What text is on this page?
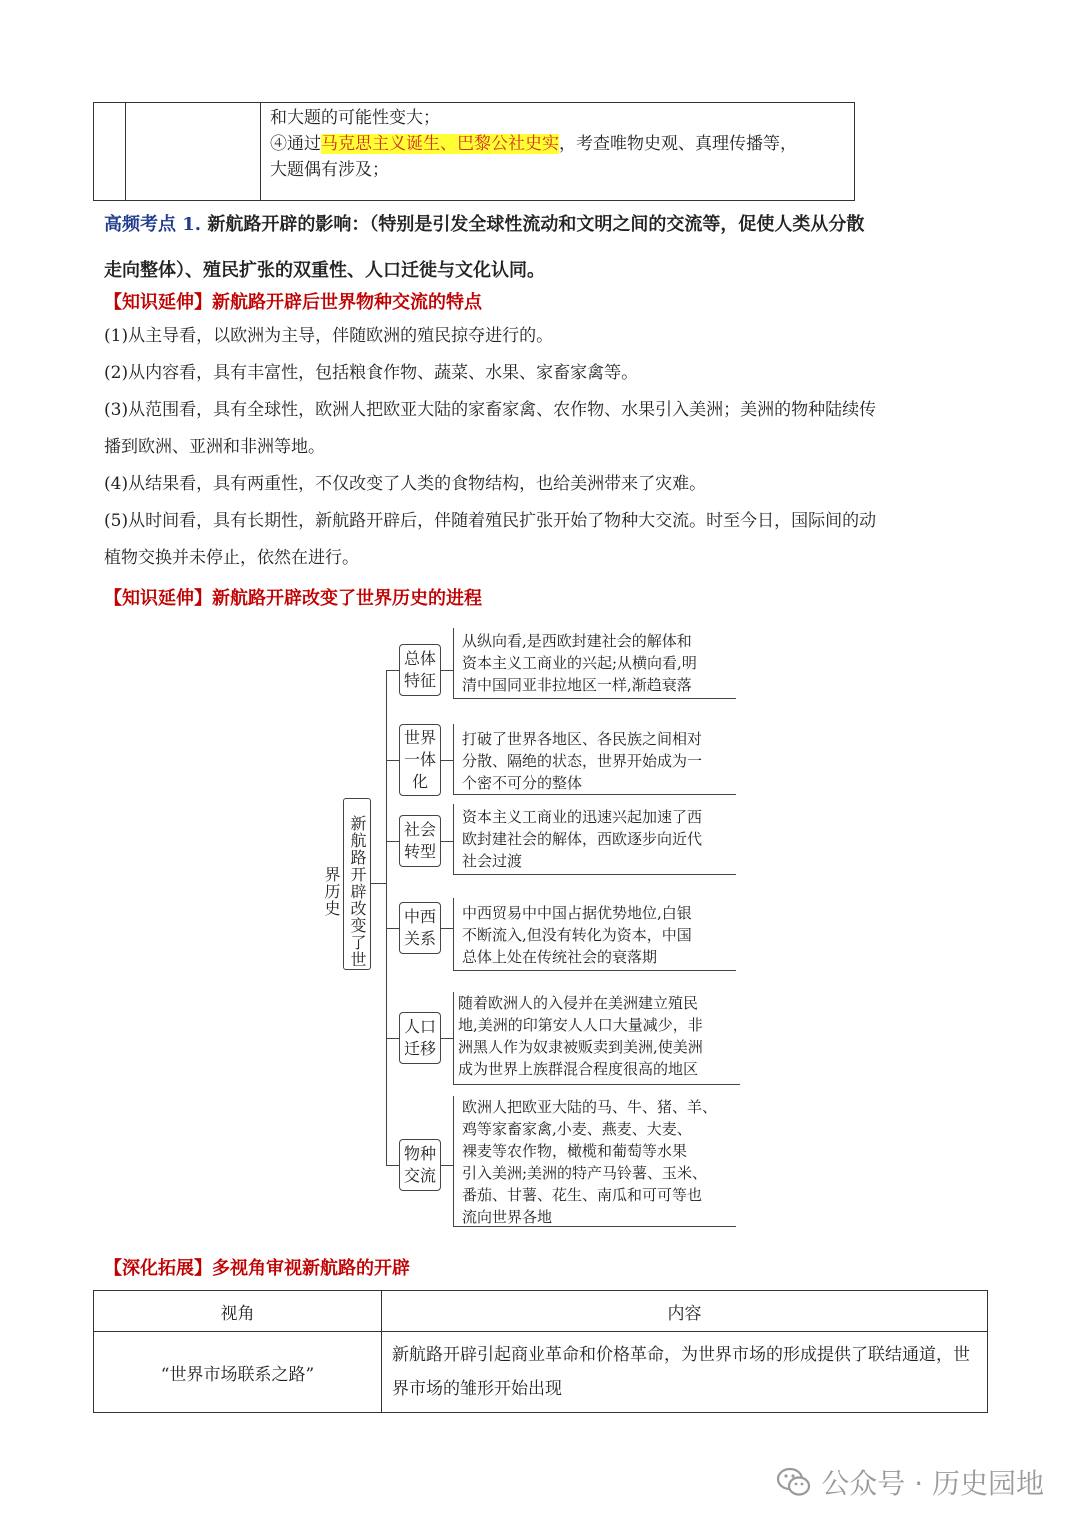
和大题的可能性变大；
④通过马克思主义诞生、巴黎公社史实，考查唯物史观、真理传播等，
大题偶有涉及；
高频考点 1. 新航路开辟的影响：（特别是引发全球性流动和文明之间的交流等，促使人类从分散
走向整体）、殖民扩张的双重性、人口迁徙与文化认同。
【知识延伸】新航路开辟后世界物种交流的特点
(1)从主导看，以欧洲为主导，伴随欧洲的殖民掠夺进行的。
(2)从内容看，具有丰富性，包括粮食作物、蔬菜、水果、家畜家禽等。
(3)从范围看，具有全球性，欧洲人把欧亚大陆的家畜家禽、农作物、水果引入美洲；美洲的物种陆续传
播到欧洲、亚洲和非洲等地。
(4)从结果看，具有两重性，不仅改变了人类的食物结构，也给美洲带来了灾难。
(5)从时间看，具有长期性，新航路开辟后，伴随着殖民扩张开始了物种大交流。时至今日，国际间的动
植物交换并未停止，依然在进行。
【知识延伸】新航路开辟改变了世界历史的进程
新航路开辟改变了世界历史
总体特征
从纵向看,是西欧封建社会的解体和
资本主义工商业的兴起;从横向看,明
清中国同亚非拉地区一样,渐趋衰落
世界一体化
打破了世界各地区、各民族之间相对
分散、隔绝的状态，世界开始成为一
个密不可分的整体
社会转型
资本主义工商业的迅速兴起加速了西
欧封建社会的解体，西欧逐步向近代
社会过渡
中西关系
中西贸易中中国占据优势地位,白银
不断流入,但没有转化为资本，中国
总体上处在传统社会的衰落期
人口迁移
随着欧洲人的入侵并在美洲建立殖民
地,美洲的印第安人人口大量减少，非
洲黑人作为奴隶被贩卖到美洲,使美洲
成为世界上族群混合程度很高的地区
物种交流
欧洲人把欧亚大陆的马、牛、猪、羊、
鸡等家畜家禽,小麦、燕麦、大麦、
裸麦等农作物，橄榄和葡萄等水果
引入美洲;美洲的特产马铃薯、玉米、
番茄、甘薯、花生、南瓜和可可等也
流向世界各地
【深化拓展】多视角审视新航路的开辟
视角	内容
“世界市场联系之路”	新航路开辟引起商业革命和价格革命，为世界市场的形成提供了联结通道，世界市场的雏形开始出现
公众号 · 历史园地
